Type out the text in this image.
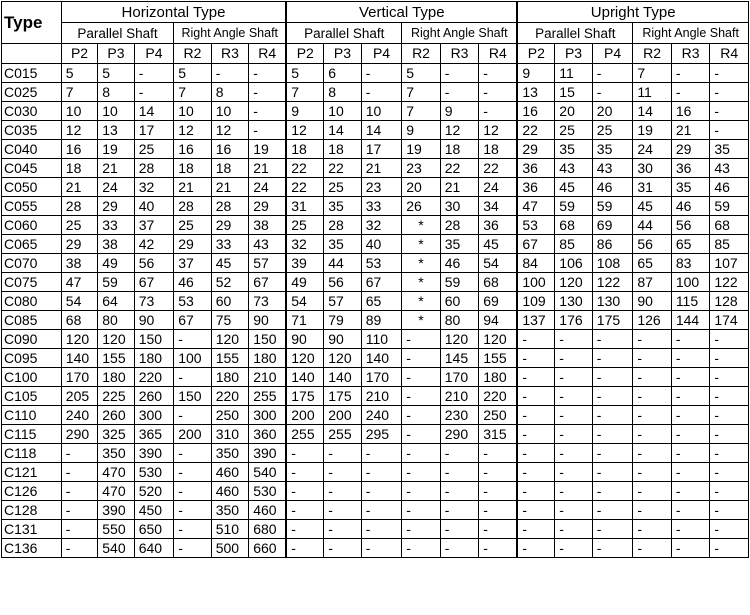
Type	Horizontal Type						Vertical Type						Upright Type					
	Parallel Shaft			Right Angle Shaft			Parallel Shaft			Right Angle Shaft			Parallel Shaft			Right Angle Shaft		
	P2	P3	P4	R2	R3	R4	P2	P3	P4	R2	R3	R4	P2	P3	P4	R2	R3	R4
C015	5	5	-	5	-	-	5	6	-	5	-	-	9	11	-	7	-	-
C025	7	8	-	7	8	-	7	8	-	7	-	-	13	15	-	11	-	-
C030	10	10	14	10	10	-	9	10	10	7	9	-	16	20	20	14	16	-
C035	12	13	17	12	12	-	12	14	14	9	12	12	22	25	25	19	21	-
C040	16	19	25	16	16	19	18	18	17	19	18	18	29	35	35	24	29	35
C045	18	21	28	18	18	21	22	22	21	23	22	22	36	43	43	30	36	43
C050	21	24	32	21	21	24	22	25	23	20	21	24	36	45	46	31	35	46
C055	28	29	40	28	28	29	31	35	33	26	30	34	47	59	59	45	46	59
C060	25	33	37	25	29	38	25	28	32	*	28	36	53	68	69	44	56	68
C065	29	38	42	29	33	43	32	35	40	*	35	45	67	85	86	56	65	85
C070	38	49	56	37	45	57	39	44	53	*	46	54	84	106	108	65	83	107
C075	47	59	67	46	52	67	49	56	67	*	59	68	100	120	122	87	100	122
C080	54	64	73	53	60	73	54	57	65	*	60	69	109	130	130	90	115	128
C085	68	80	90	67	75	90	71	79	89	*	80	94	137	176	175	126	144	174
C090	120	120	150	-	120	150	90	90	110	-	120	120	-	-	-	-	-	-
C095	140	155	180	100	155	180	120	120	140	-	145	155	-	-	-	-	-	-
C100	170	180	220	-	180	210	140	140	170	-	170	180	-	-	-	-	-	-
C105	205	225	260	150	220	255	175	175	210	-	210	220	-	-	-	-	-	-
C110	240	260	300	-	250	300	200	200	240	-	230	250	-	-	-	-	-	-
C115	290	325	365	200	310	360	255	255	295	-	290	315	-	-	-	-	-	-
C118	-	350	390	-	350	390	-	-	-	-	-	-	-	-	-	-	-	-
C121	-	470	530	-	460	540	-	-	-	-	-	-	-	-	-	-	-	-
C126	-	470	520	-	460	530	-	-	-	-	-	-	-	-	-	-	-	-
C128	-	390	450	-	350	460	-	-	-	-	-	-	-	-	-	-	-	-
C131	-	550	650	-	510	680	-	-	-	-	-	-	-	-	-	-	-	-
C136	-	540	640	-	500	660	-	-	-	-	-	-	-	-	-	-	-	-
